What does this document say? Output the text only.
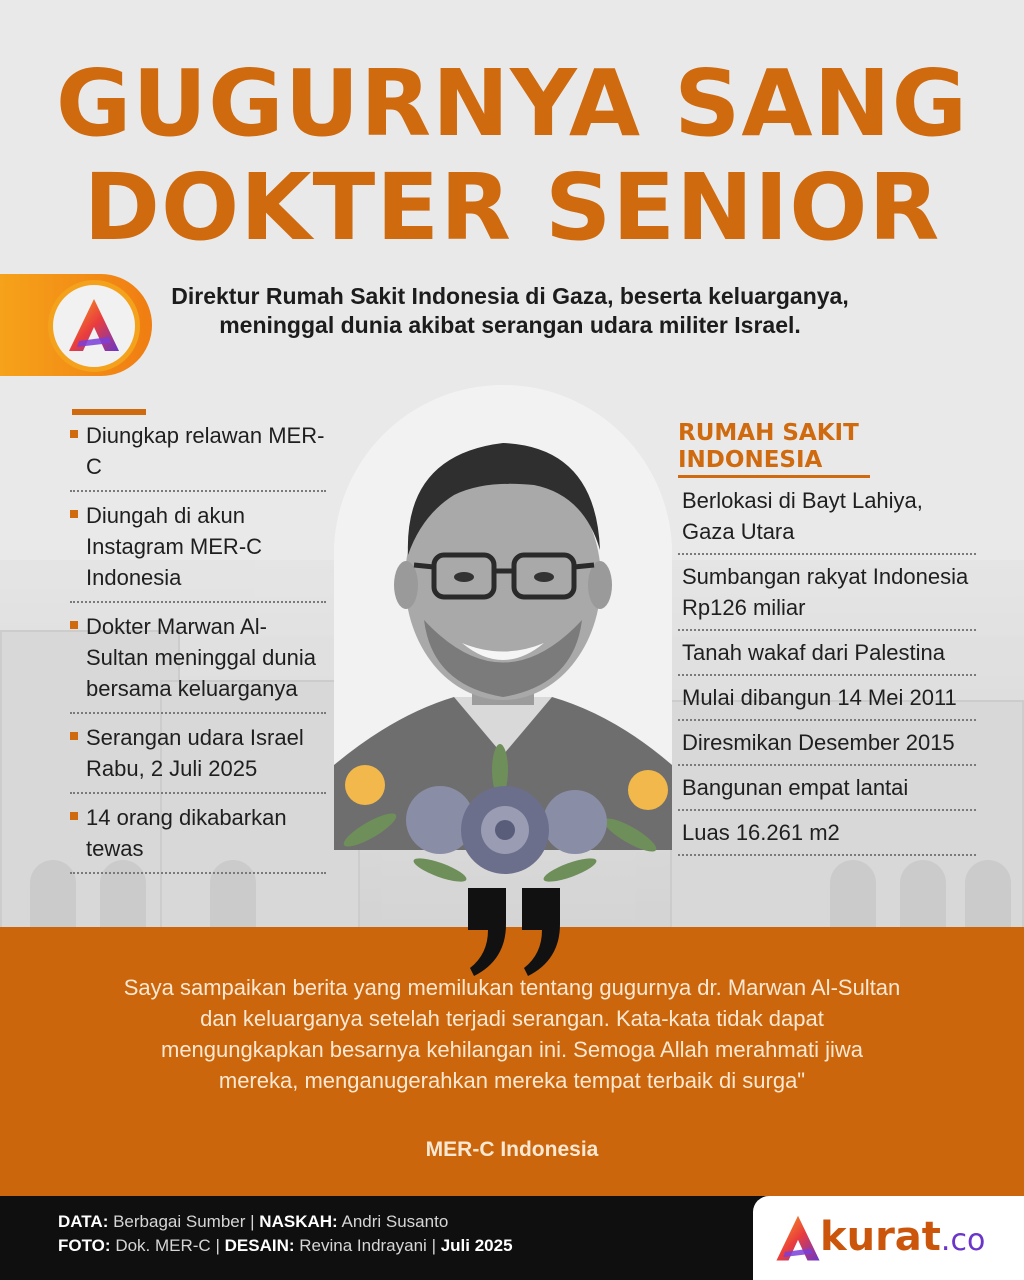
GUGURNYA SANG
DOKTER SENIOR
Direktur Rumah Sakit Indonesia di Gaza, beserta keluarganya, meninggal dunia akibat serangan udara militer Israel.
Diungkap relawan MER-C
Diungah di akun Instagram MER-C Indonesia
Dokter Marwan Al-Sultan meninggal dunia bersama keluarganya
Serangan udara Israel Rabu, 2 Juli 2025
14 orang dikabarkan tewas
RUMAH SAKIT
INDONESIA
Berlokasi di Bayt Lahiya, Gaza Utara
Sumbangan rakyat Indonesia Rp126 miliar
Tanah wakaf dari Palestina
Mulai dibangun 14 Mei 2011
Diresmikan Desember 2015
Bangunan empat lantai
Luas 16.261 m2
Saya sampaikan berita yang memilukan tentang gugurnya dr. Marwan Al-Sultan dan keluarganya setelah terjadi serangan. Kata-kata tidak dapat mengungkapkan besarnya kehilangan ini. Semoga Allah merahmati jiwa mereka, menganugerahkan mereka tempat terbaik di surga"
MER-C Indonesia
DATA: Berbagai Sumber | NASKAH: Andri Susanto
FOTO: Dok. MER-C | DESAIN: Revina Indrayani | Juli 2025	kurat.co
